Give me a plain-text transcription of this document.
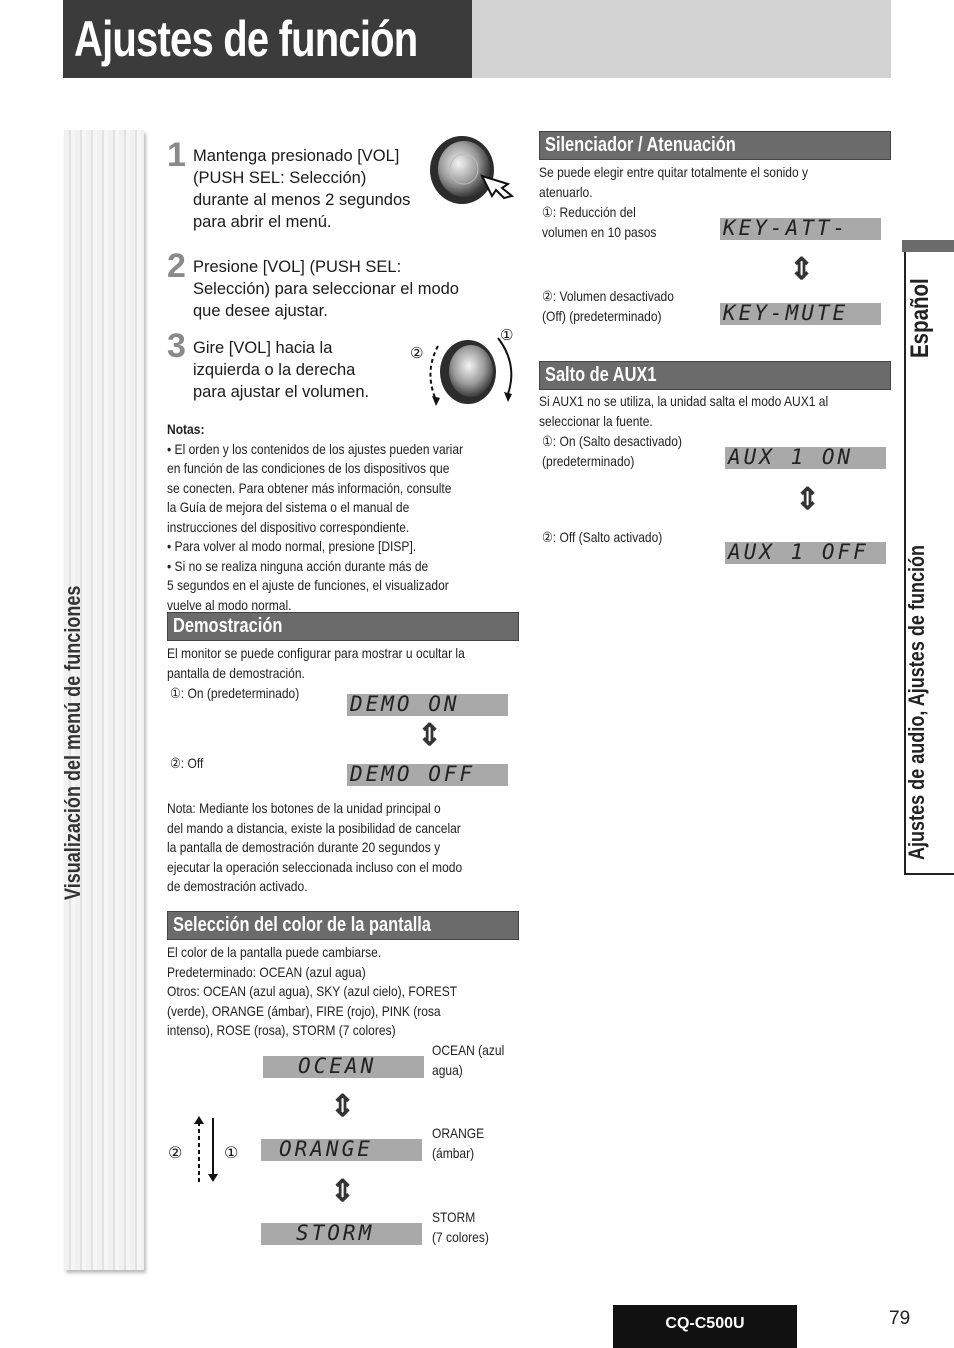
Ajustes de función
Visualización del menú de funciones
Español
Ajustes de audio, Ajustes de función
1 Mantenga presionado [VOL]
(PUSH SEL: Selección)
durante al menos 2 segundos
para abrir el menú.
2 Presione [VOL] (PUSH SEL:
Selección) para seleccionar el modo
que desee ajustar.
3 Gire [VOL] hacia la
izquierda o la derecha
para ajustar el volumen.
①
②
Notas:
• El orden y los contenidos de los ajustes pueden variar
en función de las condiciones de los dispositivos que
se conecten. Para obtener más información, consulte
la Guía de mejora del sistema o el manual de
instrucciones del dispositivo correspondiente.
• Para volver al modo normal, presione [DISP].
• Si no se realiza ninguna acción durante más de
5 segundos en el ajuste de funciones, el visualizador
vuelve al modo normal.
Demostración
El monitor se puede configurar para mostrar u ocultar la
pantalla de demostración.
①: On (predeterminado)
②: Off
DEMO ON
⇕
DEMO OFF
Nota: Mediante los botones de la unidad principal o
del mando a distancia, existe la posibilidad de cancelar
la pantalla de demostración durante 20 segundos y
ejecutar la operación seleccionada incluso con el modo
de demostración activado.
Selección del color de la pantalla
El color de la pantalla puede cambiarse.
Predeterminado: OCEAN (azul agua)
Otros: OCEAN (azul agua), SKY (azul cielo), FOREST
(verde), ORANGE (ámbar), FIRE (rojo), PINK (rosa
intenso), ROSE (rosa), STORM (7 colores)
OCEAN
OCEAN (azul
agua)
⇕
ORANGE
ORANGE
(ámbar)
⇕
STORM
STORM
(7 colores)
②	①
Silenciador / Atenuación
Se puede elegir entre quitar totalmente el sonido y
atenuarlo.
①: Reducción del
volumen en 10 pasos	KEY-ATT-
⇕
②: Volumen desactivado
(Off) (predeterminado)	KEY-MUTE
Salto de AUX1
Si AUX1 no se utiliza, la unidad salta el modo AUX1 al
seleccionar la fuente.
①: On (Salto desactivado)
(predeterminado)	AUX 1 ON
⇕
②: Off (Salto activado)
AUX 1 OFF
CQ-C500U	79
